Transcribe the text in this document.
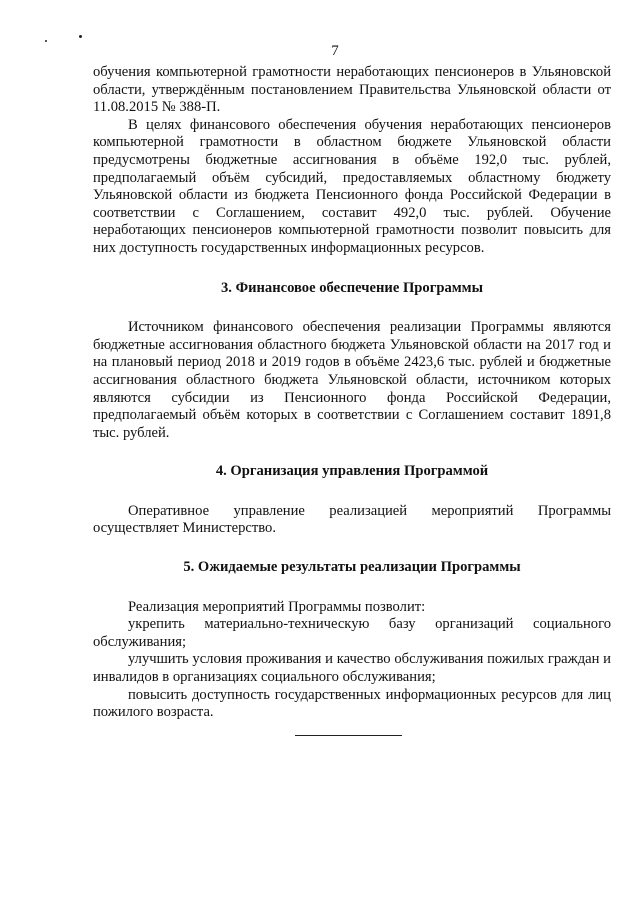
7

обучения компьютерной грамотности неработающих пенсионеров в Ульяновской области, утверждённым постановлением Правительства Ульяновской области от 11.08.2015 № 388-П.

В целях финансового обеспечения обучения неработающих пенсионеров компьютерной грамотности в областном бюджете Ульяновской области предусмотрены бюджетные ассигнования в объёме 192,0 тыс. рублей, предполагаемый объём субсидий, предоставляемых областному бюджету Ульяновской области из бюджета Пенсионного фонда Российской Федерации в соответствии с Соглашением, составит 492,0 тыс. рублей. Обучение неработающих пенсионеров компьютерной грамотности позволит повысить для них доступность государственных информационных ресурсов.

3. Финансовое обеспечение Программы

Источником финансового обеспечения реализации Программы являются бюджетные ассигнования областного бюджета Ульяновской области на 2017 год и на плановый период 2018 и 2019 годов в объёме 2423,6 тыс. рублей и бюджетные ассигнования областного бюджета Ульяновской области, источником которых являются субсидии из Пенсионного фонда Российской Федерации, предполагаемый объём которых в соответствии с Соглашением составит 1891,8 тыс. рублей.

4. Организация управления Программой

Оперативное управление реализацией мероприятий Программы осуществляет Министерство.

5. Ожидаемые результаты реализации Программы

Реализация мероприятий Программы позволит:

укрепить материально-техническую базу организаций социального обслуживания;

улучшить условия проживания и качество обслуживания пожилых граждан и инвалидов в организациях социального обслуживания;

повысить доступность государственных информационных ресурсов для лиц пожилого возраста.
